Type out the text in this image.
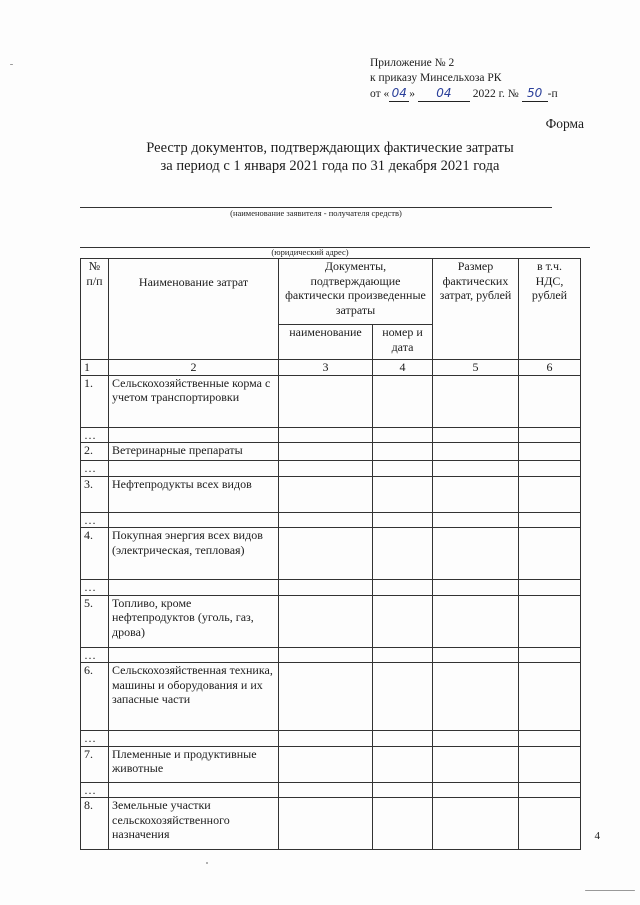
Приложение № 2
к приказу Минсельхоза РК
от « 04 » 04 2022 г. № 50 -п
Форма
Реестр документов, подтверждающих фактические затраты
за период с 1 января 2021 года по 31 декабря 2021 года
(наименование заявителя - получателя средств)
(юридический адрес)
№ п/п	Наименование затрат	Документы, подтверждающие фактически произведенные затраты		Размер фактических затрат, рублей	в т.ч. НДС, рублей
		наименование	номер и дата		
1	2	3	4	5	6
1.	Сельскохозяйственные корма с учетом транспортировки				
…					
2.	Ветеринарные препараты				
…					
3.	Нефтепродукты всех видов				
…					
4.	Покупная энергия всех видов (электрическая, тепловая)				
…					
5.	Топливо, кроме нефтепродуктов (уголь, газ, дрова)				
…					
6.	Сельскохозяйственная техника, машины и оборудования и их запасные части				
…					
7.	Племенные и продуктивные животные				
…					
8.	Земельные участки сельскохозяйственного назначения					4
